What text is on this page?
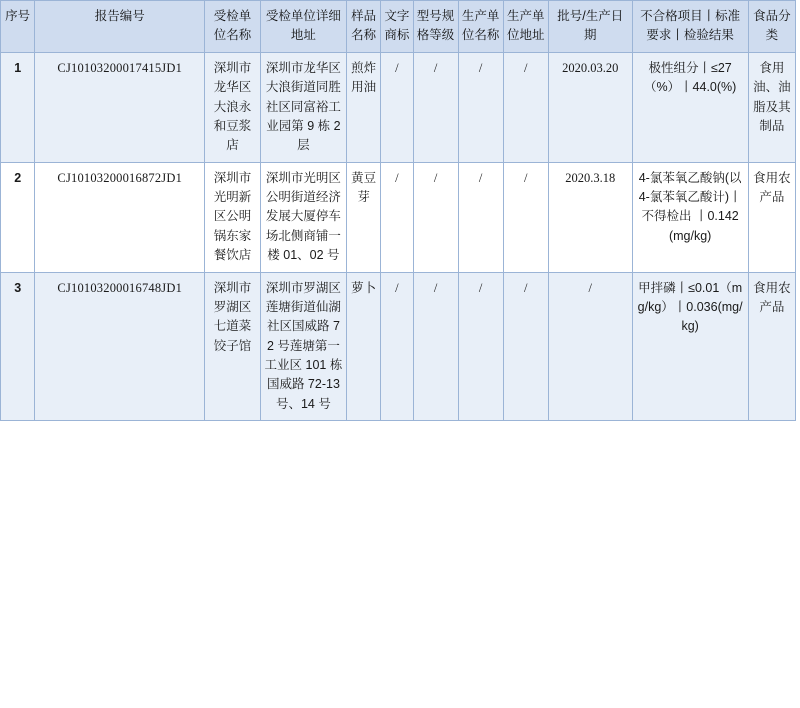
序号	报告编号	受检单位名称	受检单位详细地址	样品名称	文字商标	型号规格等级	生产单位名称	生产单位地址	批号/生产日期	不合格项目丨标准要求丨检验结果	食品分类
1	CJ10103200017415JD1	深圳市龙华区大浪永和豆浆店	深圳市龙华区大浪街道同胜社区同富裕工业园第 9 栋 2 层	煎炸用油	/	/	/	/	2020.03.20	极性组分丨≤27（%）丨44.0(%)	食用油、油脂及其制品
2	CJ10103200016872JD1	深圳市光明新区公明锅东家餐饮店	深圳市光明区公明街道经济发展大厦停车场北侧商铺一楼 01、02 号	黄豆芽	/	/	/	/	2020.3.18	4-氯苯氧乙酸钠(以 4-氯苯氧乙酸计)丨不得检出 丨0.142(mg/kg)	食用农产品
3	CJ10103200016748JD1	深圳市罗湖区七道菜饺子馆	深圳市罗湖区莲塘街道仙湖社区国威路 72 号莲塘第一工业区 101 栋国威路 72-13 号、14 号	萝卜	/	/	/	/	/	甲拌磷丨≤0.01（mg/kg）丨0.036(mg/kg)	食用农产品
